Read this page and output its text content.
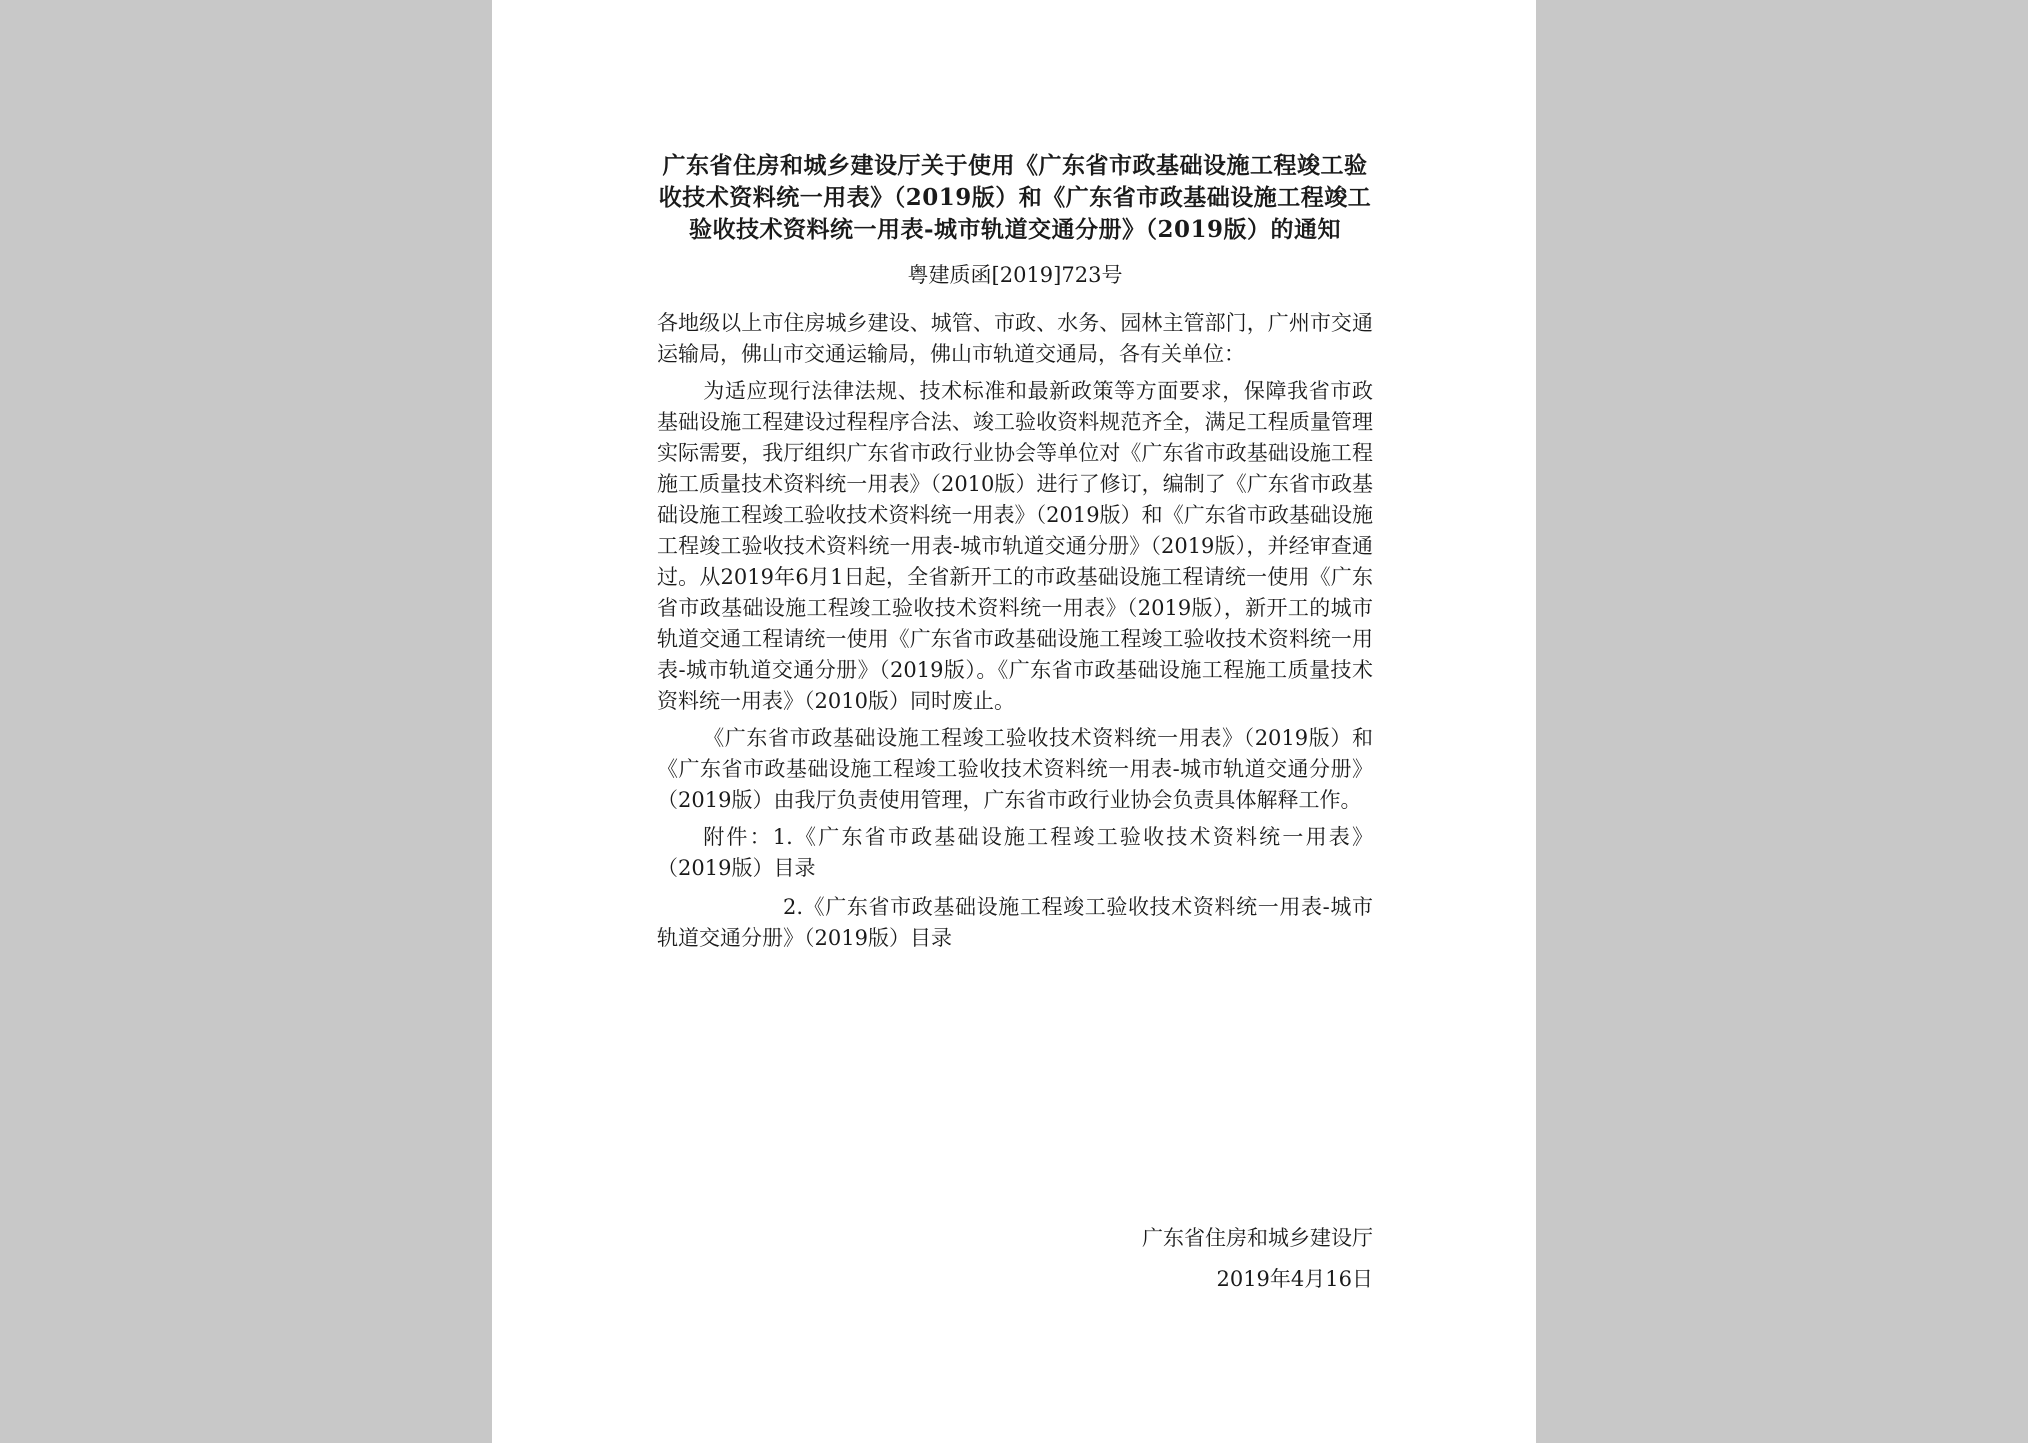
广东省住房和城乡建设厅关于使用《广东省市政基础设施工程竣工验收技术资料统一用表》（2019版）和《广东省市政基础设施工程竣工验收技术资料统一用表-城市轨道交通分册》（2019版）的通知

粤建质函[2019]723号

各地级以上市住房城乡建设、城管、市政、水务、园林主管部门，广州市交通运输局，佛山市交通运输局，佛山市轨道交通局，各有关单位：

为适应现行法律法规、技术标准和最新政策等方面要求，保障我省市政基础设施工程建设过程程序合法、竣工验收资料规范齐全，满足工程质量管理实际需要，我厅组织广东省市政行业协会等单位对《广东省市政基础设施工程施工质量技术资料统一用表》（2010版）进行了修订，编制了《广东省市政基础设施工程竣工验收技术资料统一用表》（2019版）和《广东省市政基础设施工程竣工验收技术资料统一用表-城市轨道交通分册》（2019版），并经审查通过。从2019年6月1日起，全省新开工的市政基础设施工程请统一使用《广东省市政基础设施工程竣工验收技术资料统一用表》（2019版），新开工的城市轨道交通工程请统一使用《广东省市政基础设施工程竣工验收技术资料统一用表-城市轨道交通分册》（2019版）。《广东省市政基础设施工程施工质量技术资料统一用表》（2010版）同时废止。

《广东省市政基础设施工程竣工验收技术资料统一用表》（2019版）和《广东省市政基础设施工程竣工验收技术资料统一用表-城市轨道交通分册》（2019版）由我厅负责使用管理，广东省市政行业协会负责具体解释工作。

附件：1.《广东省市政基础设施工程竣工验收技术资料统一用表》（2019版）目录

2.《广东省市政基础设施工程竣工验收技术资料统一用表-城市轨道交通分册》（2019版）目录

广东省住房和城乡建设厅
2019年4月16日
